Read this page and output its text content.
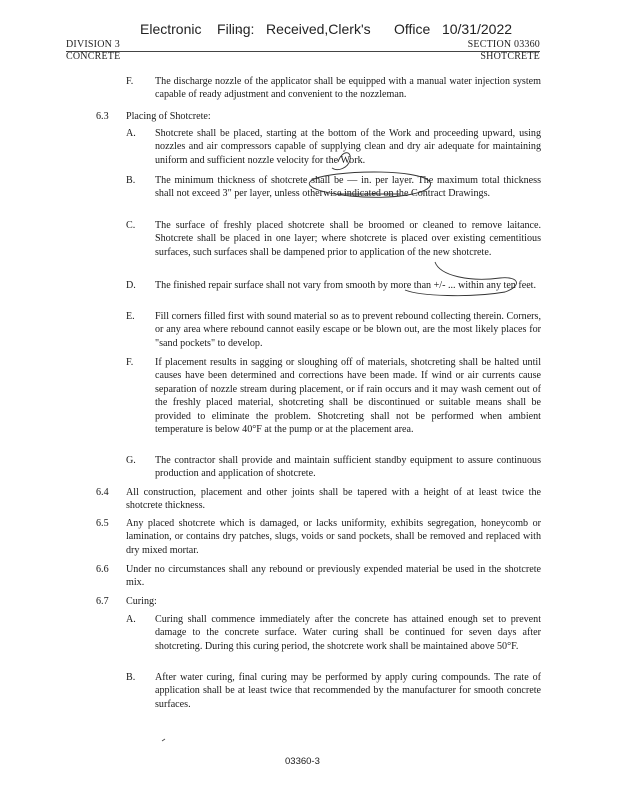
Electronic    Filing:   Received,Clerk's      Office   10/31/2022
DIVISION 3	SECTION 03360
CONCRETE	SHOTCRETE
F. The discharge nozzle of the applicator shall be equipped with a manual water injection system capable of ready adjustment and convenient to the nozzleman.
6.3 Placing of Shotcrete:
A. Shotcrete shall be placed, starting at the bottom of the Work and proceeding upward, using nozzles and air compressors capable of supplying clean and dry air adequate for maintaining uniform and sufficient nozzle velocity for the Work.
B. The minimum thickness of shotcrete shall be — in. per layer. The maximum total thickness shall not exceed 3" per layer, unless otherwise indicated on the Contract Drawings.
C. The surface of freshly placed shotcrete shall be broomed or cleaned to remove laitance. Shotcrete shall be placed in one layer; where shotcrete is placed over existing cementitious surfaces, such surfaces shall be dampened prior to application of the new shotcrete.
D. The finished repair surface shall not vary from smooth by more than +/- ... within any ten feet.
E. Fill corners filled first with sound material so as to prevent rebound collecting therein. Corners, or any area where rebound cannot easily escape or be blown out, are the most likely places for "sand pockets" to develop.
F. If placement results in sagging or sloughing off of materials, shotcreting shall be halted until causes have been determined and corrections have been made. If wind or air currents cause separation of nozzle stream during placement, or if rain occurs and it may wash cement out of the freshly placed material, shotcreting shall be discontinued or suitable means shall be provided to eliminate the problem. Shotcreting shall not be performed when ambient temperature is below 40°F at the pump or at the placement area.
G. The contractor shall provide and maintain sufficient standby equipment to assure continuous production and application of shotcrete.
6.4 All construction, placement and other joints shall be tapered with a height of at least twice the shotcrete thickness.
6.5 Any placed shotcrete which is damaged, or lacks uniformity, exhibits segregation, honeycomb or lamination, or contains dry patches, slugs, voids or sand pockets, shall be removed and replaced with dry mixed mortar.
6.6 Under no circumstances shall any rebound or previously expended material be used in the shotcrete mix.
6.7 Curing:
A. Curing shall commence immediately after the concrete has attained enough set to prevent damage to the concrete surface. Water curing shall be continued for seven days after shotcreting. During this curing period, the shotcrete work shall be maintained above 50°F.
B. After water curing, final curing may be performed by apply curing compounds. The rate of application shall be at least twice that recommended by the manufacturer for smooth concrete surfaces.
03360-3
